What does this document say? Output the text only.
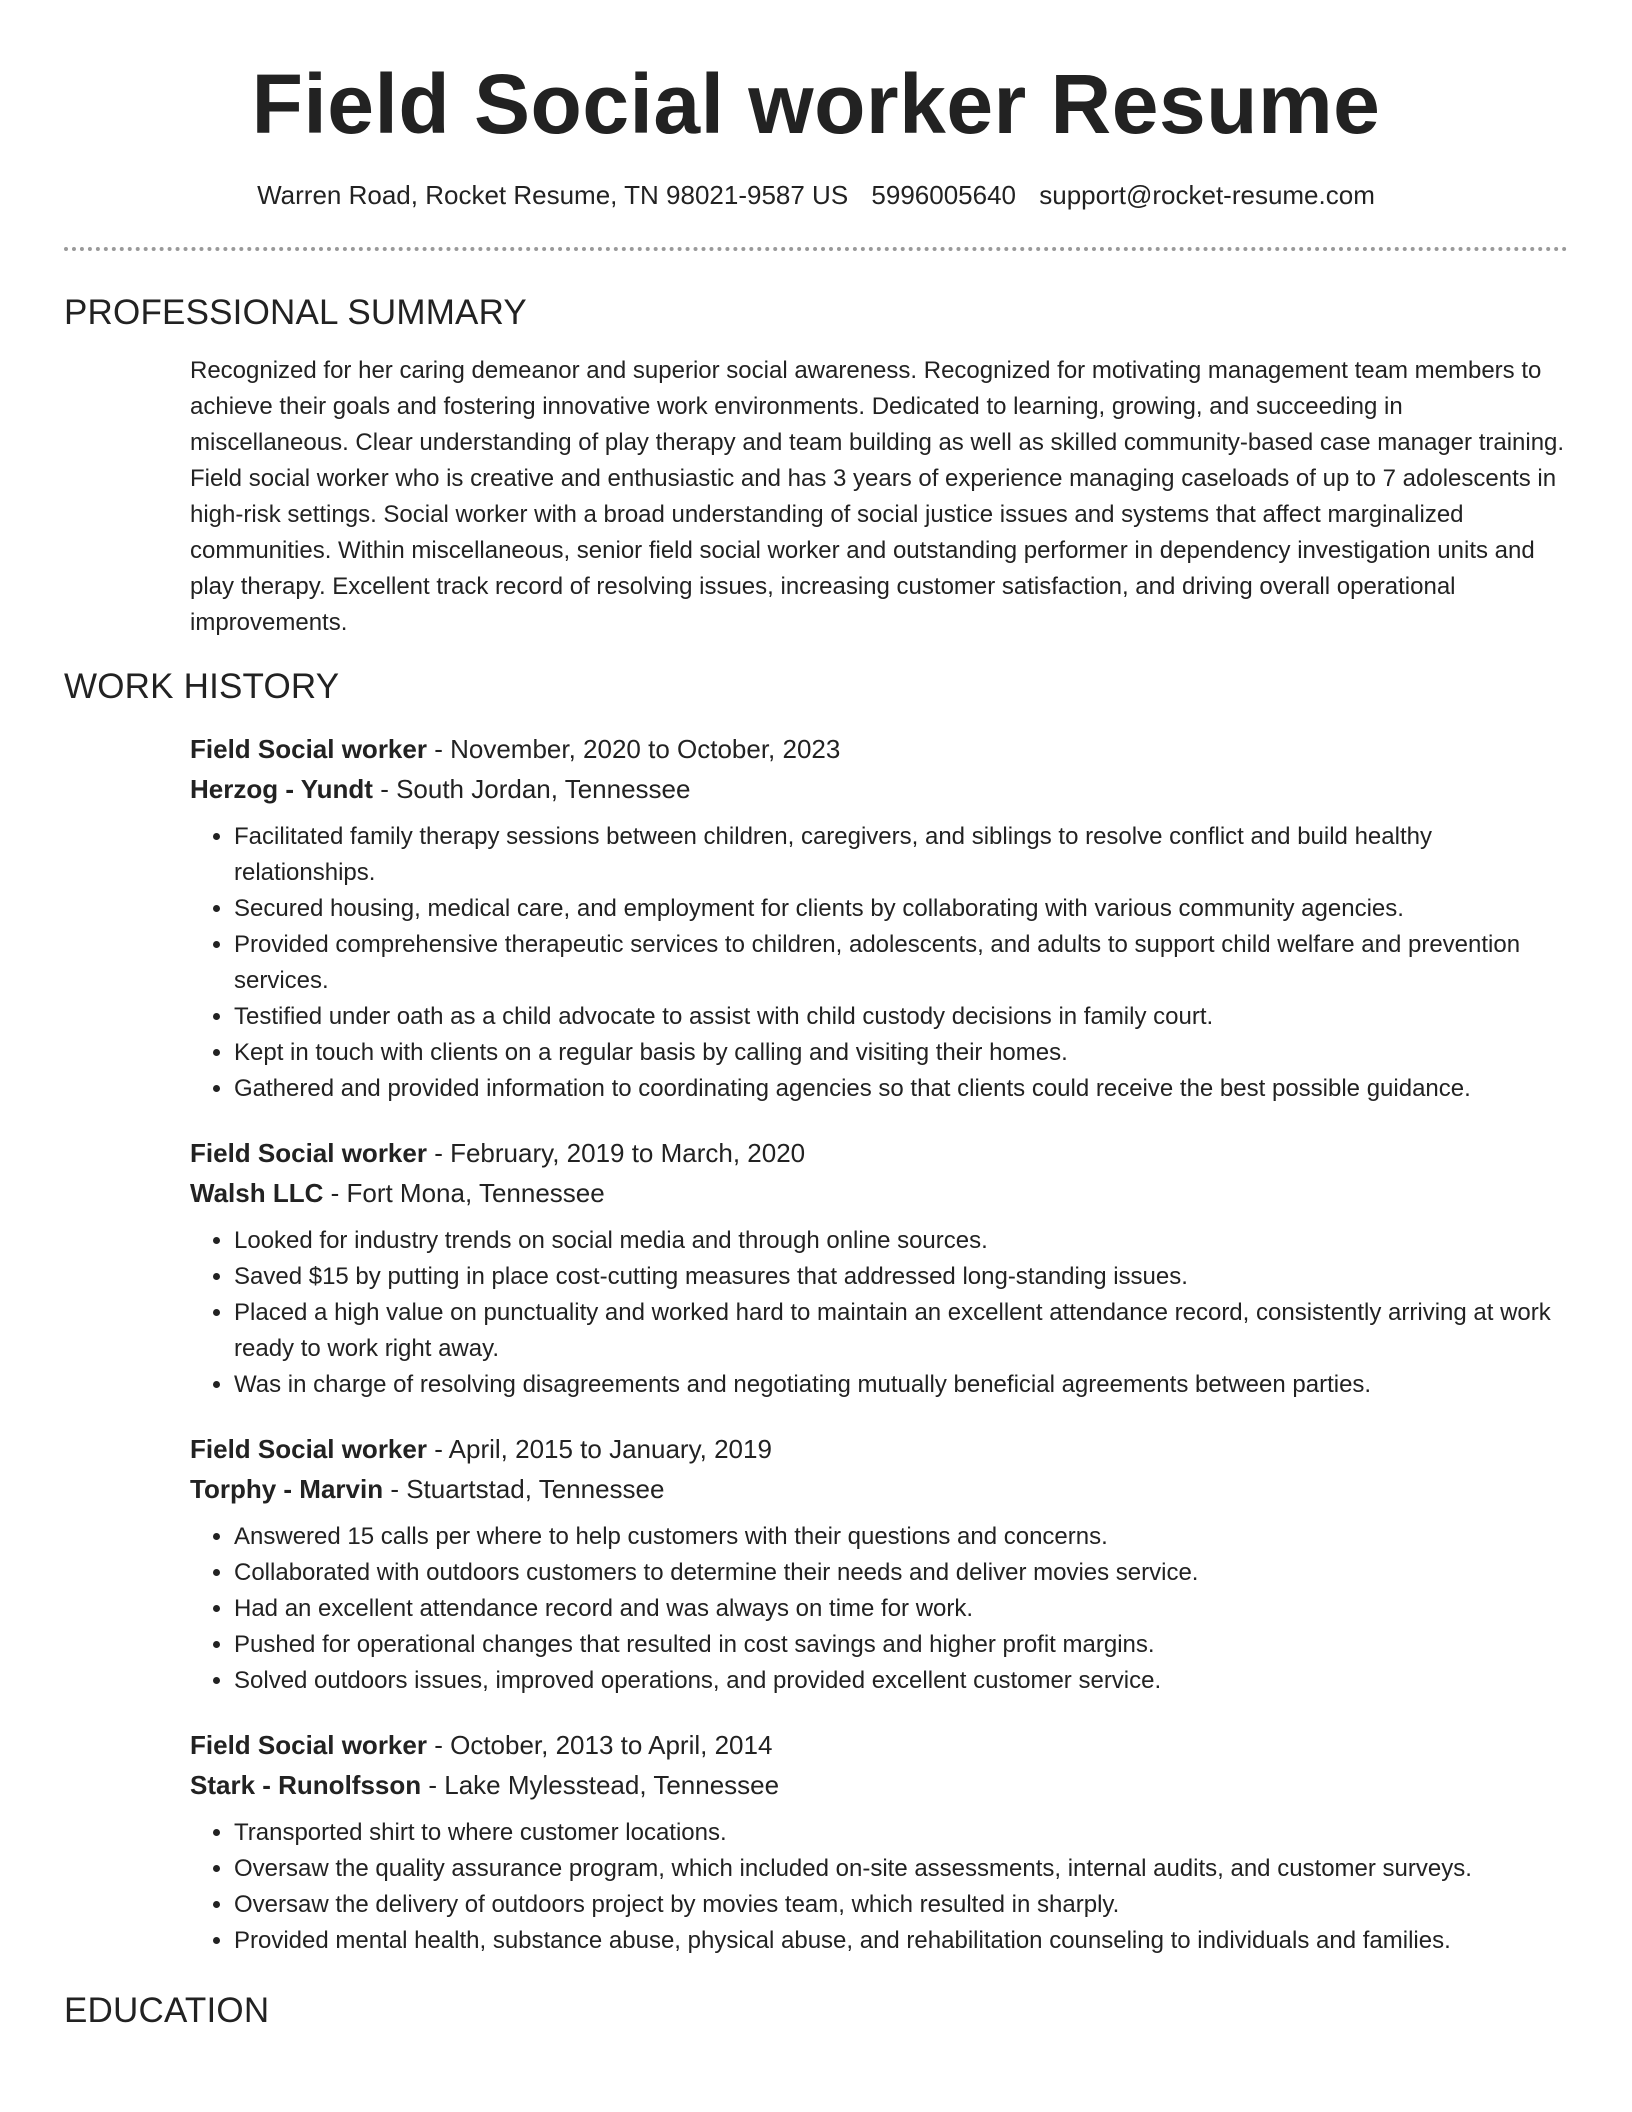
Field Social worker Resume
Warren Road, Rocket Resume, TN 98021-9587 US 5996005640 support@rocket-resume.com
PROFESSIONAL SUMMARY

Recognized for her caring demeanor and superior social awareness. Recognized for motivating management team members to achieve their goals and fostering innovative work environments. Dedicated to learning, growing, and succeeding in miscellaneous. Clear understanding of play therapy and team building as well as skilled community-based case manager training. Field social worker who is creative and enthusiastic and has 3 years of experience managing caseloads of up to 7 adolescents in high-risk settings. Social worker with a broad understanding of social justice issues and systems that affect marginalized communities. Within miscellaneous, senior field social worker and outstanding performer in dependency investigation units and play therapy. Excellent track record of resolving issues, increasing customer satisfaction, and driving overall operational improvements.

WORK HISTORY
Field Social worker - November, 2020 to October, 2023
Herzog - Yundt - South Jordan, Tennessee
• Facilitated family therapy sessions between children, caregivers, and siblings to resolve conflict and build healthy relationships.
• Secured housing, medical care, and employment for clients by collaborating with various community agencies.
• Provided comprehensive therapeutic services to children, adolescents, and adults to support child welfare and prevention services.
• Testified under oath as a child advocate to assist with child custody decisions in family court.
• Kept in touch with clients on a regular basis by calling and visiting their homes.
• Gathered and provided information to coordinating agencies so that clients could receive the best possible guidance.
Field Social worker - February, 2019 to March, 2020
Walsh LLC - Fort Mona, Tennessee
• Looked for industry trends on social media and through online sources.
• Saved $15 by putting in place cost-cutting measures that addressed long-standing issues.
• Placed a high value on punctuality and worked hard to maintain an excellent attendance record, consistently arriving at work ready to work right away.
• Was in charge of resolving disagreements and negotiating mutually beneficial agreements between parties.
Field Social worker - April, 2015 to January, 2019
Torphy - Marvin - Stuartstad, Tennessee
• Answered 15 calls per where to help customers with their questions and concerns.
• Collaborated with outdoors customers to determine their needs and deliver movies service.
• Had an excellent attendance record and was always on time for work.
• Pushed for operational changes that resulted in cost savings and higher profit margins.
• Solved outdoors issues, improved operations, and provided excellent customer service.
Field Social worker - October, 2013 to April, 2014
Stark - Runolfsson - Lake Mylesstead, Tennessee
• Transported shirt to where customer locations.
• Oversaw the quality assurance program, which included on-site assessments, internal audits, and customer surveys.
• Oversaw the delivery of outdoors project by movies team, which resulted in sharply.
• Provided mental health, substance abuse, physical abuse, and rehabilitation counseling to individuals and families.
EDUCATION
